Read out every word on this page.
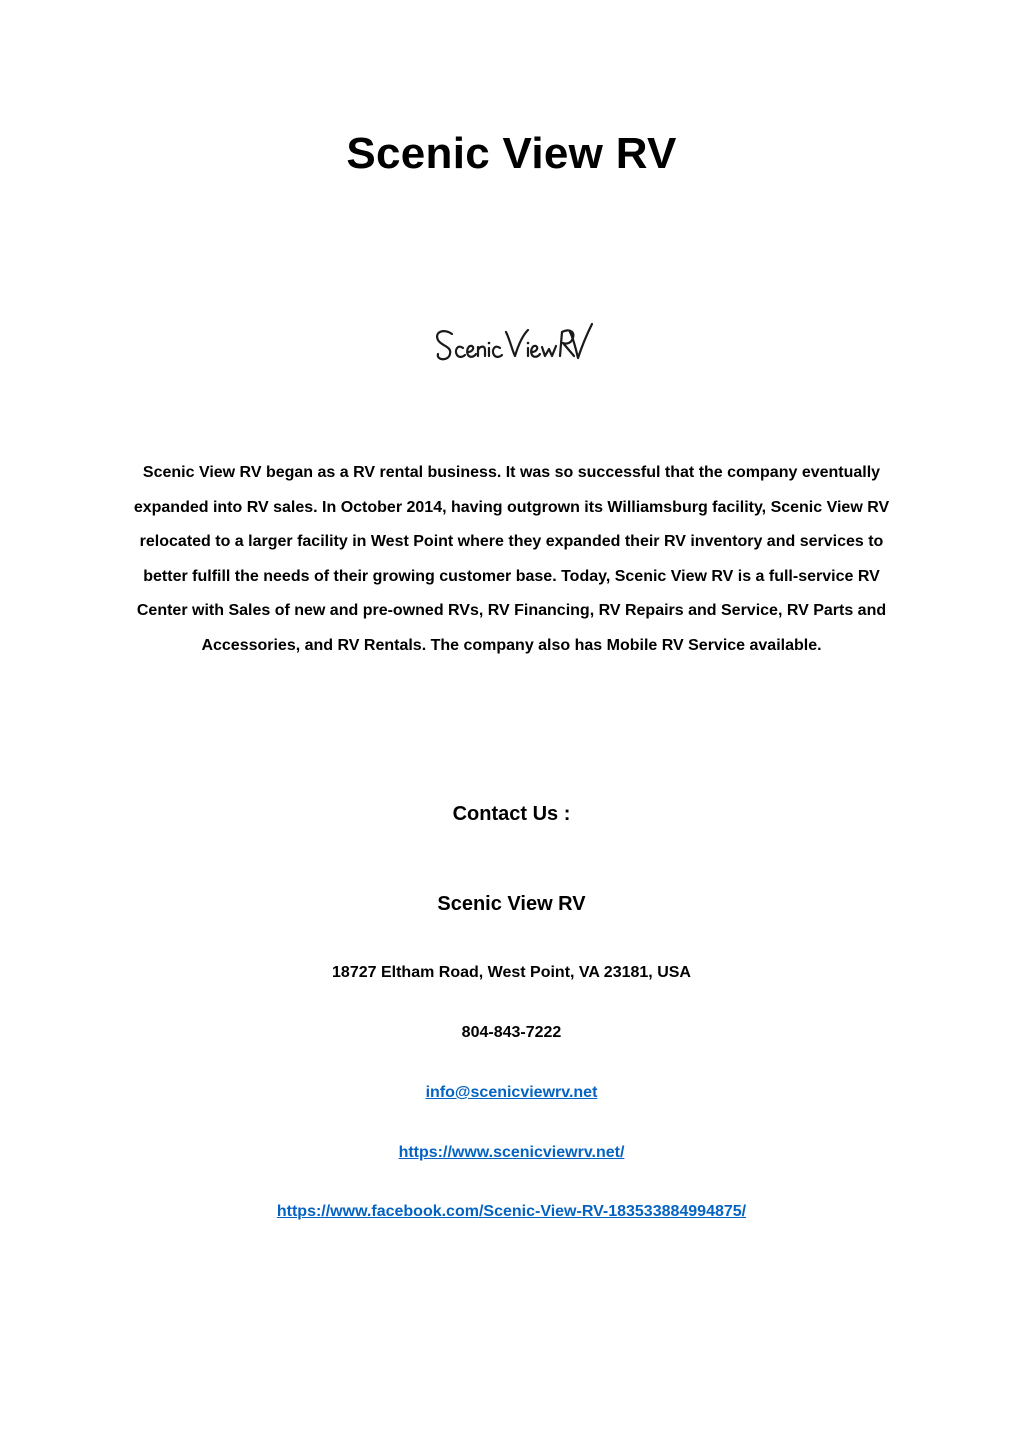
Scenic View RV

Scenic View RV began as a RV rental business. It was so successful that the company eventually expanded into RV sales. In October 2014, having outgrown its Williamsburg facility, Scenic View RV relocated to a larger facility in West Point where they expanded their RV inventory and services to better fulfill the needs of their growing customer base. Today, Scenic View RV is a full-service RV Center with Sales of new and pre-owned RVs, RV Financing, RV Repairs and Service, RV Parts and Accessories, and RV Rentals. The company also has Mobile RV Service available.

Contact Us :
Scenic View RV

18727 Eltham Road, West Point, VA 23181, USA

804-843-7222

info@scenicviewrv.net

https://www.scenicviewrv.net/

https://www.facebook.com/Scenic-View-RV-183533884994875/
